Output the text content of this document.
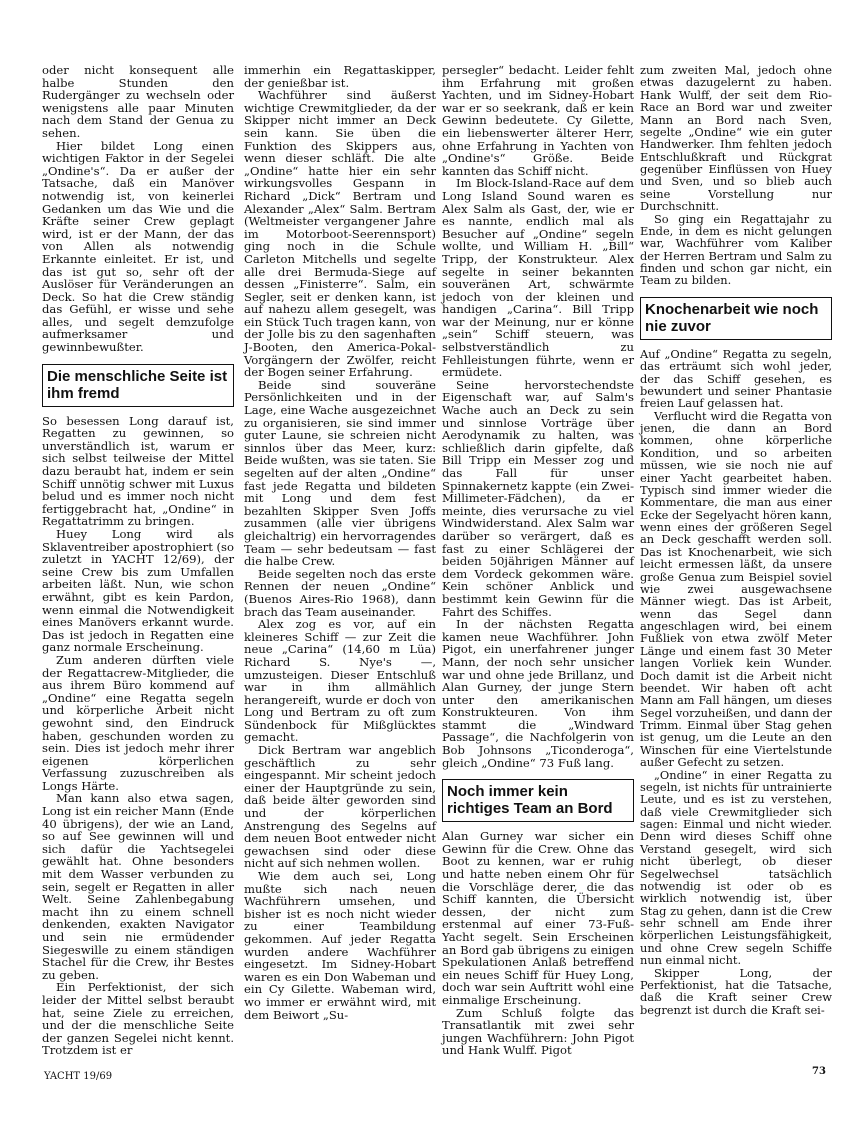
oder nicht konsequent alle halbe Stunden den Rudergänger zu wechseln oder wenigstens alle paar Minuten nach dem Stand der Genua zu sehen.

Hier bildet Long einen wichtigen Faktor in der Segelei „Ondine's“. Da er außer der Tatsache, daß ein Manöver notwendig ist, von keinerlei Gedanken um das Wie und die Kräfte seiner Crew geplagt wird, ist er der Mann, der das von Allen als notwendig Erkannte einleitet. Er ist, und das ist gut so, sehr oft der Auslöser für Veränderungen an Deck. So hat die Crew ständig das Gefühl, er wisse und sehe alles, und segelt demzufolge aufmerksamer und gewinnbewußter.

Die menschliche Seite ist ihm fremd

So besessen Long darauf ist, Regatten zu gewinnen, so unverständlich ist, warum er sich selbst teilweise der Mittel dazu beraubt hat, indem er sein Schiff unnötig schwer mit Luxus belud und es immer noch nicht fertiggebracht hat, „Ondine“ in Regattatrimm zu bringen.

Huey Long wird als Sklaventreiber apostrophiert (so zuletzt in YACHT 12/69), der seine Crew bis zum Umfallen arbeiten läßt. Nun, wie schon erwähnt, gibt es kein Pardon, wenn einmal die Notwendigkeit eines Manövers erkannt wurde. Das ist jedoch in Regatten eine ganz normale Erscheinung.

Zum anderen dürften viele der Regattacrew-Mitglieder, die aus ihrem Büro kommend auf „Ondine“ eine Regatta segeln und körperliche Arbeit nicht gewohnt sind, den Eindruck haben, geschunden worden zu sein. Dies ist jedoch mehr ihrer eigenen körperlichen Verfassung zuzuschreiben als Longs Härte.

Man kann also etwa sagen, Long ist ein reicher Mann (Ende 40 übrigens), der wie an Land, so auf See gewinnen will und sich dafür die Yachtsegelei gewählt hat. Ohne besonders mit dem Wasser verbunden zu sein, segelt er Regatten in aller Welt. Seine Zahlenbegabung macht ihn zu einem schnell denkenden, exakten Navigator und sein nie ermüdender Siegeswille zu einem ständigen Stachel für die Crew, ihr Bestes zu geben.

Ein Perfektionist, der sich leider der Mittel selbst beraubt hat, seine Ziele zu erreichen, und der die menschliche Seite der ganzen Segelei nicht kennt. Trotzdem ist er

immerhin ein Regattaskipper, der genießbar ist.

Wachführer sind äußerst wichtige Crewmitglieder, da der Skipper nicht immer an Deck sein kann. Sie üben die Funktion des Skippers aus, wenn dieser schläft. Die alte „Ondine“ hatte hier ein sehr wirkungsvolles Gespann in Richard „Dick“ Bertram und Alexander „Alex“ Salm. Bertram (Weltmeister vergangener Jahre im Motorboot-Seerennsport) ging noch in die Schule Carleton Mitchells und segelte alle drei Bermuda-Siege auf dessen „Finisterre“. Salm, ein Segler, seit er denken kann, ist auf nahezu allem gesegelt, was ein Stück Tuch tragen kann, von der Jolle bis zu den sagenhaften J-Booten, den America-Pokal-Vorgängern der Zwölfer, reicht der Bogen seiner Erfahrung.

Beide sind souveräne Persönlichkeiten und in der Lage, eine Wache ausgezeichnet zu organisieren, sie sind immer guter Laune, sie schreien nicht sinnlos über das Meer, kurz: Beide wußten, was sie taten. Sie segelten auf der alten „Ondine“ fast jede Regatta und bildeten mit Long und dem fest bezahlten Skipper Sven Joffs zusammen (alle vier übrigens gleichaltrig) ein hervorragendes Team — sehr bedeutsam — fast die halbe Crew.

Beide segelten noch das erste Rennen der neuen „Ondine“ (Buenos Aires-Rio 1968), dann brach das Team auseinander.

Alex zog es vor, auf ein kleineres Schiff — zur Zeit die neue „Carina“ (14,60 m Lüa) Richard S. Nye's —, umzusteigen. Dieser Entschluß war in ihm allmählich herangereift, wurde er doch von Long und Bertram zu oft zum Sündenbock für Mißglücktes gemacht.

Dick Bertram war angeblich geschäftlich zu sehr eingespannt. Mir scheint jedoch einer der Hauptgründe zu sein, daß beide älter geworden sind und der körperlichen Anstrengung des Segelns auf dem neuen Boot entweder nicht gewachsen sind oder diese nicht auf sich nehmen wollen.

Wie dem auch sei, Long mußte sich nach neuen Wachführern umsehen, und bisher ist es noch nicht wieder zu einer Teambildung gekommen. Auf jeder Regatta wurden andere Wachführer eingesetzt. Im Sidney-Hobart waren es ein Don Wabeman und ein Cy Gilette. Wabeman wird, wo immer er erwähnt wird, mit dem Beiwort „Su-

persegler“ bedacht. Leider fehlt ihm Erfahrung mit großen Yachten, und im Sidney-Hobart war er so seekrank, daß er kein Gewinn bedeutete. Cy Gilette, ein liebenswerter älterer Herr, ohne Erfahrung in Yachten von „Ondine's“ Größe. Beide kannten das Schiff nicht.

Im Block-Island-Race auf dem Long Island Sound waren es Alex Salm als Gast, der, wie er es nannte, endlich mal als Besucher auf „Ondine“ segeln wollte, und William H. „Bill“ Tripp, der Konstrukteur. Alex segelte in seiner bekannten souveränen Art, schwärmte jedoch von der kleinen und handigen „Carina“. Bill Tripp war der Meinung, nur er könne „sein“ Schiff steuern, was selbstverständlich zu Fehlleistungen führte, wenn er ermüdete.

Seine hervorstechendste Eigenschaft war, auf Salm's Wache auch an Deck zu sein und sinnlose Vorträge über Aerodynamik zu halten, was schließlich darin gipfelte, daß Bill Tripp ein Messer zog und das Fall für unser Spinnakernetz kappte (ein Zwei-Millimeter-Fädchen), da er meinte, dies verursache zu viel Windwiderstand. Alex Salm war darüber so verärgert, daß es fast zu einer Schlägerei der beiden 50jährigen Männer auf dem Vordeck gekommen wäre. Kein schöner Anblick und bestimmt kein Gewinn für die Fahrt des Schiffes.

In der nächsten Regatta kamen neue Wachführer. John Pigot, ein unerfahrener junger Mann, der noch sehr unsicher war und ohne jede Brillanz, und Alan Gurney, der junge Stern unter den amerikanischen Konstrukteuren. Von ihm stammt die „Windward Passage“, die Nachfolgerin von Bob Johnsons „Ticonderoga“, gleich „Ondine“ 73 Fuß lang.

Noch immer kein richtiges Team an Bord

Alan Gurney war sicher ein Gewinn für die Crew. Ohne das Boot zu kennen, war er ruhig und hatte neben einem Ohr für die Vorschläge derer, die das Schiff kannten, die Übersicht dessen, der nicht zum erstenmal auf einer 73-Fuß-Yacht segelt. Sein Erscheinen an Bord gab übrigens zu einigen Spekulationen Anlaß betreffend ein neues Schiff für Huey Long, doch war sein Auftritt wohl eine einmalige Erscheinung.

Zum Schluß folgte das Transatlantik mit zwei sehr jungen Wachführern: John Pigot und Hank Wulff. Pigot

zum zweiten Mal, jedoch ohne etwas dazugelernt zu haben. Hank Wulff, der seit dem Rio-Race an Bord war und zweiter Mann an Bord nach Sven, segelte „Ondine“ wie ein guter Handwerker. Ihm fehlten jedoch Entschlußkraft und Rückgrat gegenüber Einflüssen von Huey und Sven, und so blieb auch seine Vorstellung nur Durchschnitt.

So ging ein Regattajahr zu Ende, in dem es nicht gelungen war, Wachführer vom Kaliber der Herren Bertram und Salm zu finden und schon gar nicht, ein Team zu bilden.

Knochenarbeit wie noch nie zuvor

Auf „Ondine“ Regatta zu segeln, das erträumt sich wohl jeder, der das Schiff gesehen, es bewundert und seiner Phantasie freien Lauf gelassen hat.

Verflucht wird die Regatta von jenen, die dann an Bord kommen, ohne körperliche Kondition, und so arbeiten müssen, wie sie noch nie auf einer Yacht gearbeitet haben. Typisch sind immer wieder die Kommentare, die man aus einer Ecke der Segelyacht hören kann, wenn eines der größeren Segel an Deck geschafft werden soll. Das ist Knochenarbeit, wie sich leicht ermessen läßt, da unsere große Genua zum Beispiel soviel wie zwei ausgewachsene Männer wiegt. Das ist Arbeit, wenn das Segel dann angeschlagen wird, bei einem Fußliek von etwa zwölf Meter Länge und einem fast 30 Meter langen Vorliek kein Wunder. Doch damit ist die Arbeit nicht beendet. Wir haben oft acht Mann am Fall hängen, um dieses Segel vorzuheißen, und dann der Trimm. Einmal über Stag gehen ist genug, um die Leute an den Winschen für eine Viertelstunde außer Gefecht zu setzen.

„Ondine“ in einer Regatta zu segeln, ist nichts für untrainierte Leute, und es ist zu verstehen, daß viele Crewmitglieder sich sagen: Einmal und nicht wieder. Denn wird dieses Schiff ohne Verstand gesegelt, wird sich nicht überlegt, ob dieser Segelwechsel tatsächlich notwendig ist oder ob es wirklich notwendig ist, über Stag zu gehen, dann ist die Crew sehr schnell am Ende ihrer körperlichen Leistungsfähigkeit, und ohne Crew segeln Schiffe nun einmal nicht.

Skipper Long, der Perfektionist, hat die Tatsache, daß die Kraft seiner Crew begrenzt ist durch die Kraft sei-

YACHT 19/69	73
